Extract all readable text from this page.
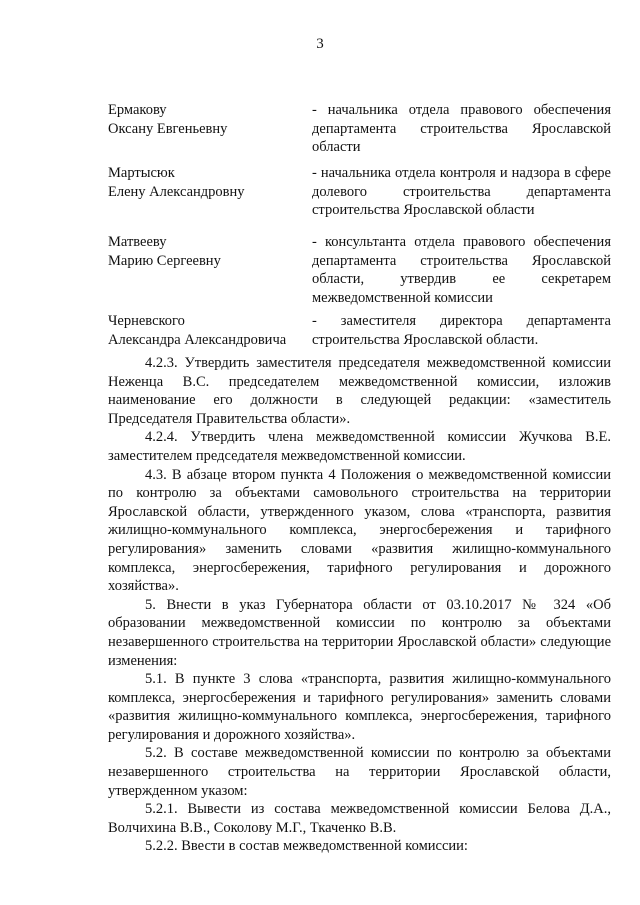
3
Ермакову
Оксану Евгеньевну
- начальника отдела правового обеспечения департамента строительства Ярославской области
Мартысюк
Елену Александровну
- начальника отдела контроля и надзора в сфере долевого строительства департамента строительства Ярославской области
Матвееву
Марию Сергеевну
- консультанта отдела правового обеспечения департамента строительства Ярославской области, утвердив ее секретарем межведомственной комиссии
Черневского
Александра Александровича
- заместителя директора департамента строительства Ярославской области.

4.2.3. Утвердить заместителя председателя межведомственной комиссии Неженца В.С. председателем межведомственной комиссии, изложив наименование его должности в следующей редакции: «заместитель Председателя Правительства области».

4.2.4. Утвердить члена межведомственной комиссии Жучкова В.Е. заместителем председателя межведомственной комиссии.

4.3. В абзаце втором пункта 4 Положения о межведомственной комиссии по контролю за объектами самовольного строительства на территории Ярославской области, утвержденного указом, слова «транспорта, развития жилищно-коммунального комплекса, энергосбережения и тарифного регулирования» заменить словами «развития жилищно-коммунального комплекса, энергосбережения, тарифного регулирования и дорожного хозяйства».

5. Внести в указ Губернатора области от 03.10.2017 № 324 «Об образовании межведомственной комиссии по контролю за объектами незавершенного строительства на территории Ярославской области» следующие изменения:

5.1. В пункте 3 слова «транспорта, развития жилищно-коммунального комплекса, энергосбережения и тарифного регулирования» заменить словами «развития жилищно-коммунального комплекса, энергосбережения, тарифного регулирования и дорожного хозяйства».

5.2. В составе межведомственной комиссии по контролю за объектами незавершенного строительства на территории Ярославской области, утвержденном указом:

5.2.1. Вывести из состава межведомственной комиссии Белова Д.А., Волчихина В.В., Соколову М.Г., Ткаченко В.В.

5.2.2. Ввести в состав межведомственной комиссии:
